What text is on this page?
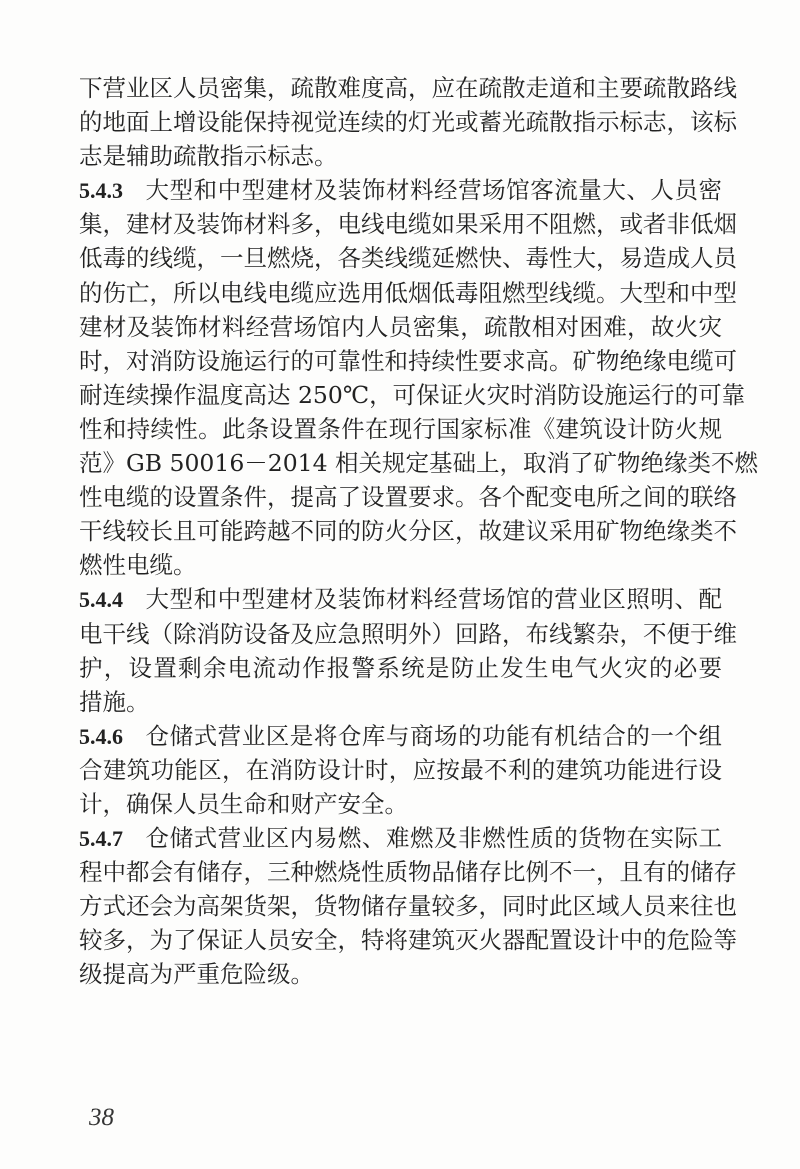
下营业区人员密集，疏散难度高，应在疏散走道和主要疏散路线
的地面上增设能保持视觉连续的灯光或蓄光疏散指示标志，该标
志是辅助疏散指示标志。
5.4.3 大型和中型建材及装饰材料经营场馆客流量大、人员密
集，建材及装饰材料多，电线电缆如果采用不阻燃，或者非低烟
低毒的线缆，一旦燃烧，各类线缆延燃快、毒性大，易造成人员
的伤亡，所以电线电缆应选用低烟低毒阻燃型线缆。大型和中型
建材及装饰材料经营场馆内人员密集，疏散相对困难，故火灾
时，对消防设施运行的可靠性和持续性要求高。矿物绝缘电缆可
耐连续操作温度高达 250℃，可保证火灾时消防设施运行的可靠
性和持续性。此条设置条件在现行国家标准《建筑设计防火规
范》GB 50016－2014 相关规定基础上，取消了矿物绝缘类不燃
性电缆的设置条件，提高了设置要求。各个配变电所之间的联络
干线较长且可能跨越不同的防火分区，故建议采用矿物绝缘类不
燃性电缆。
5.4.4 大型和中型建材及装饰材料经营场馆的营业区照明、配
电干线（除消防设备及应急照明外）回路，布线繁杂，不便于维
护，设置剩余电流动作报警系统是防止发生电气火灾的必要
措施。
5.4.6 仓储式营业区是将仓库与商场的功能有机结合的一个组
合建筑功能区，在消防设计时，应按最不利的建筑功能进行设
计，确保人员生命和财产安全。
5.4.7 仓储式营业区内易燃、难燃及非燃性质的货物在实际工
程中都会有储存，三种燃烧性质物品储存比例不一，且有的储存
方式还会为高架货架，货物储存量较多，同时此区域人员来往也
较多，为了保证人员安全，特将建筑灭火器配置设计中的危险等
级提高为严重危险级。
38
